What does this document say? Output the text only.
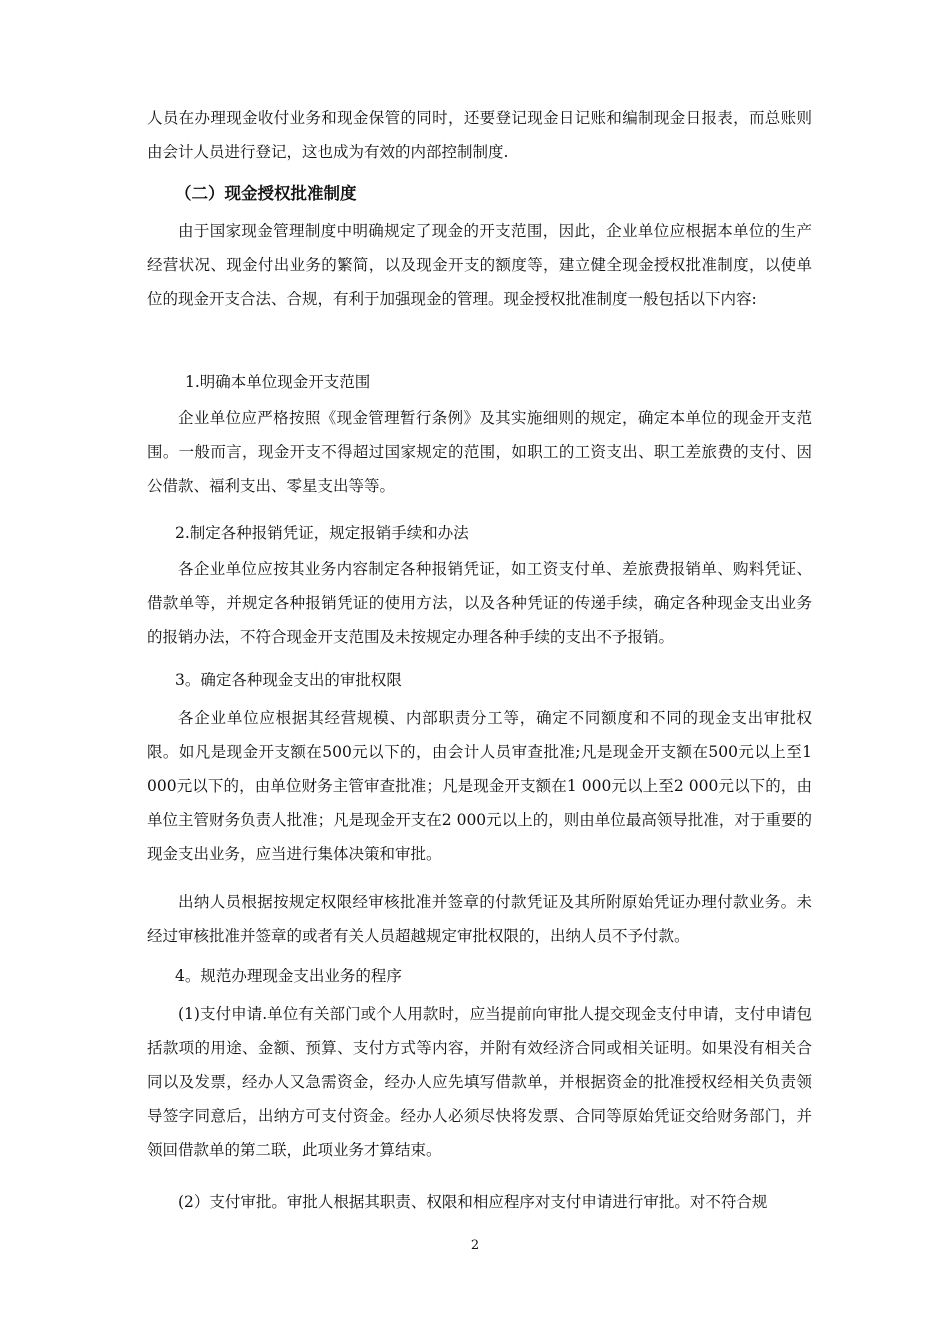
人员在办理现金收付业务和现金保管的同时，还要登记现金日记账和编制现金日报表，而总账则由会计人员进行登记，这也成为有效的内部控制制度.
（二）现金授权批准制度
由于国家现金管理制度中明确规定了现金的开支范围，因此，企业单位应根据本单位的生产经营状况、现金付出业务的繁简，以及现金开支的额度等，建立健全现金授权批准制度，以使单位的现金开支合法、合规，有利于加强现金的管理。现金授权批准制度一般包括以下内容:
1.明确本单位现金开支范围
企业单位应严格按照《现金管理暂行条例》及其实施细则的规定，确定本单位的现金开支范围。一般而言，现金开支不得超过国家规定的范围，如职工的工资支出、职工差旅费的支付、因公借款、福利支出、零星支出等等。
2.制定各种报销凭证，规定报销手续和办法
各企业单位应按其业务内容制定各种报销凭证，如工资支付单、差旅费报销单、购料凭证、借款单等，并规定各种报销凭证的使用方法，以及各种凭证的传递手续，确定各种现金支出业务的报销办法，不符合现金开支范围及未按规定办理各种手续的支出不予报销。
3。确定各种现金支出的审批权限
各企业单位应根据其经营规模、内部职责分工等，确定不同额度和不同的现金支出审批权限。如凡是现金开支额在500元以下的，由会计人员审查批准;凡是现金开支额在500元以上至1 000元以下的，由单位财务主管审查批准；凡是现金开支额在1 000元以上至2 000元以下的，由单位主管财务负责人批准；凡是现金开支在2 000元以上的，则由单位最高领导批准，对于重要的现金支出业务，应当进行集体决策和审批。
出纳人员根据按规定权限经审核批准并签章的付款凭证及其所附原始凭证办理付款业务。未经过审核批准并签章的或者有关人员超越规定审批权限的，出纳人员不予付款。
4。规范办理现金支出业务的程序
(1)支付申请.单位有关部门或个人用款时，应当提前向审批人提交现金支付申请，支付申请包括款项的用途、金额、预算、支付方式等内容，并附有效经济合同或相关证明。如果没有相关合同以及发票，经办人又急需资金，经办人应先填写借款单，并根据资金的批准授权经相关负责领导签字同意后，出纳方可支付资金。经办人必须尽快将发票、合同等原始凭证交给财务部门，并领回借款单的第二联，此项业务才算结束。
(2）支付审批。审批人根据其职责、权限和相应程序对支付申请进行审批。对不符合规
2
